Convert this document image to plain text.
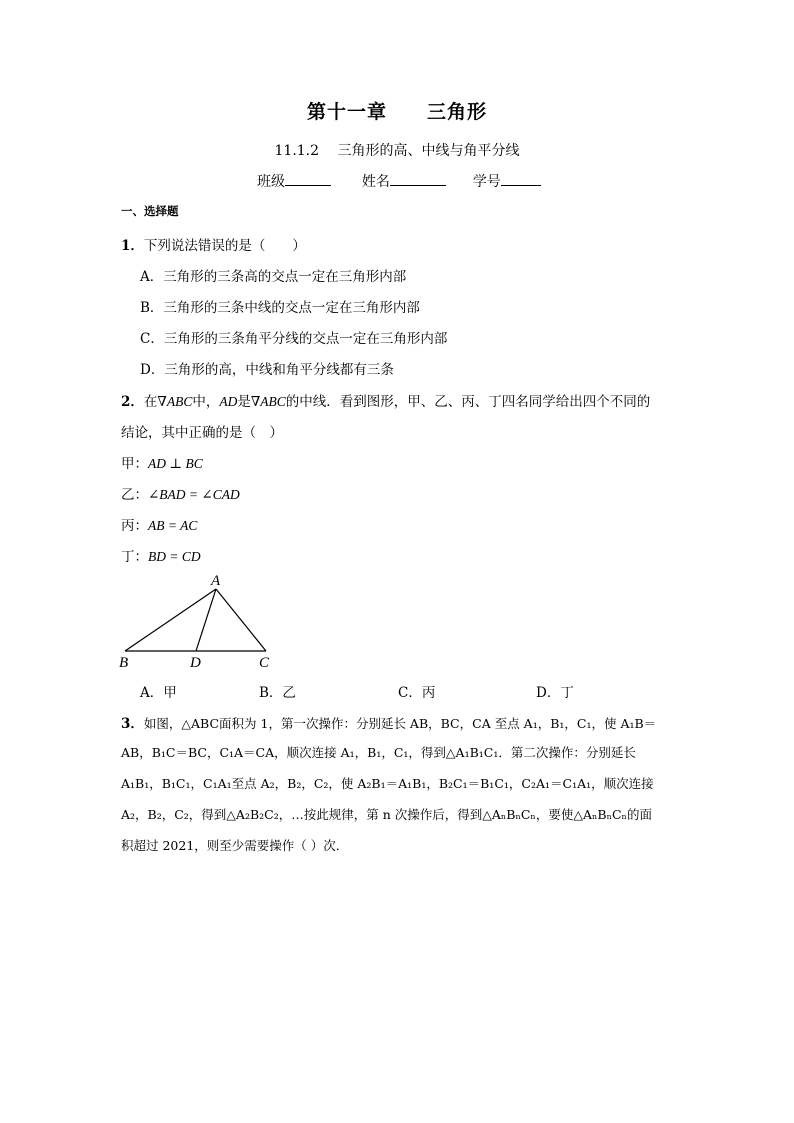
第十一章　　三角形
11.1.2　 三角形的高、中线与角平分线
班级	姓名	学号
一、选择题
1．下列说法错误的是（　　）
A．三角形的三条高的交点一定在三角形内部
B．三角形的三条中线的交点一定在三角形内部
C．三角形的三条角平分线的交点一定在三角形内部
D．三角形的高，中线和角平分线都有三条
2．在∇ABC中，AD是∇ABC的中线．看到图形，甲、乙、丙、丁四名同学给出四个不同的
结论，其中正确的是（　）
甲：AD ⊥ BC
乙：∠BAD = ∠CAD
丙：AB = AC
丁：BD = CD
A
B	D	C
A．甲	B．乙	C．丙	D．丁
3．如图，△ABC面积为 1，第一次操作：分别延长 AB，BC，CA 至点 A₁，B₁，C₁，使 A₁B＝
AB，B₁C＝BC，C₁A＝CA，顺次连接 A₁，B₁，C₁，得到△A₁B₁C₁．第二次操作：分别延长
A₁B₁，B₁C₁，C₁A₁至点 A₂，B₂，C₂，使 A₂B₁＝A₁B₁，B₂C₁＝B₁C₁，C₂A₁＝C₁A₁，顺次连接
A₂，B₂，C₂，得到△A₂B₂C₂，…按此规律，第 n 次操作后，得到△AₙBₙCₙ，要使△AₙBₙCₙ的面
积超过 2021，则至少需要操作（ ）次．
